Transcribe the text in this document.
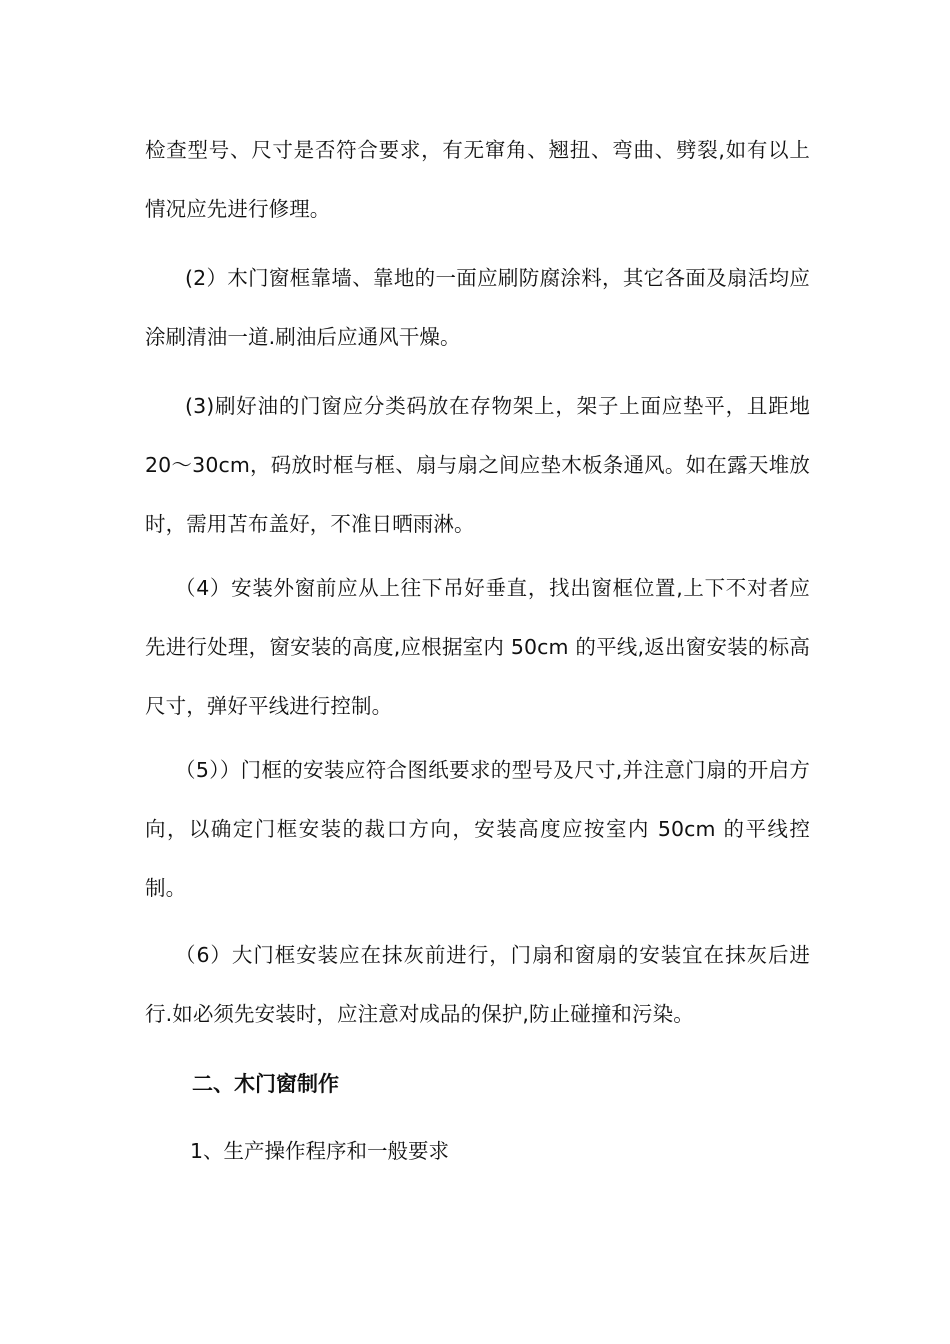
检查型号、尺寸是否符合要求，有无窜角、翘扭、弯曲、劈裂,如有以上情况应先进行修理。

(2）木门窗框靠墙、靠地的一面应刷防腐涂料，其它各面及扇活均应涂刷清油一道.刷油后应通风干燥。

(3)刷好油的门窗应分类码放在存物架上，架子上面应垫平，且距地 20～30cm，码放时框与框、扇与扇之间应垫木板条通风。如在露天堆放时，需用苫布盖好，不准日晒雨淋。

（4）安装外窗前应从上往下吊好垂直，找出窗框位置,上下不对者应先进行处理，窗安装的高度,应根据室内 50cm 的平线,返出窗安装的标高尺寸，弹好平线进行控制。

（5））门框的安装应符合图纸要求的型号及尺寸,并注意门扇的开启方向，以确定门框安装的裁口方向，安装高度应按室内 50cm 的平线控制。

（6）大门框安装应在抹灰前进行，门扇和窗扇的安装宜在抹灰后进行.如必须先安装时，应注意对成品的保护,防止碰撞和污染。

二、木门窗制作

1、生产操作程序和一般要求
